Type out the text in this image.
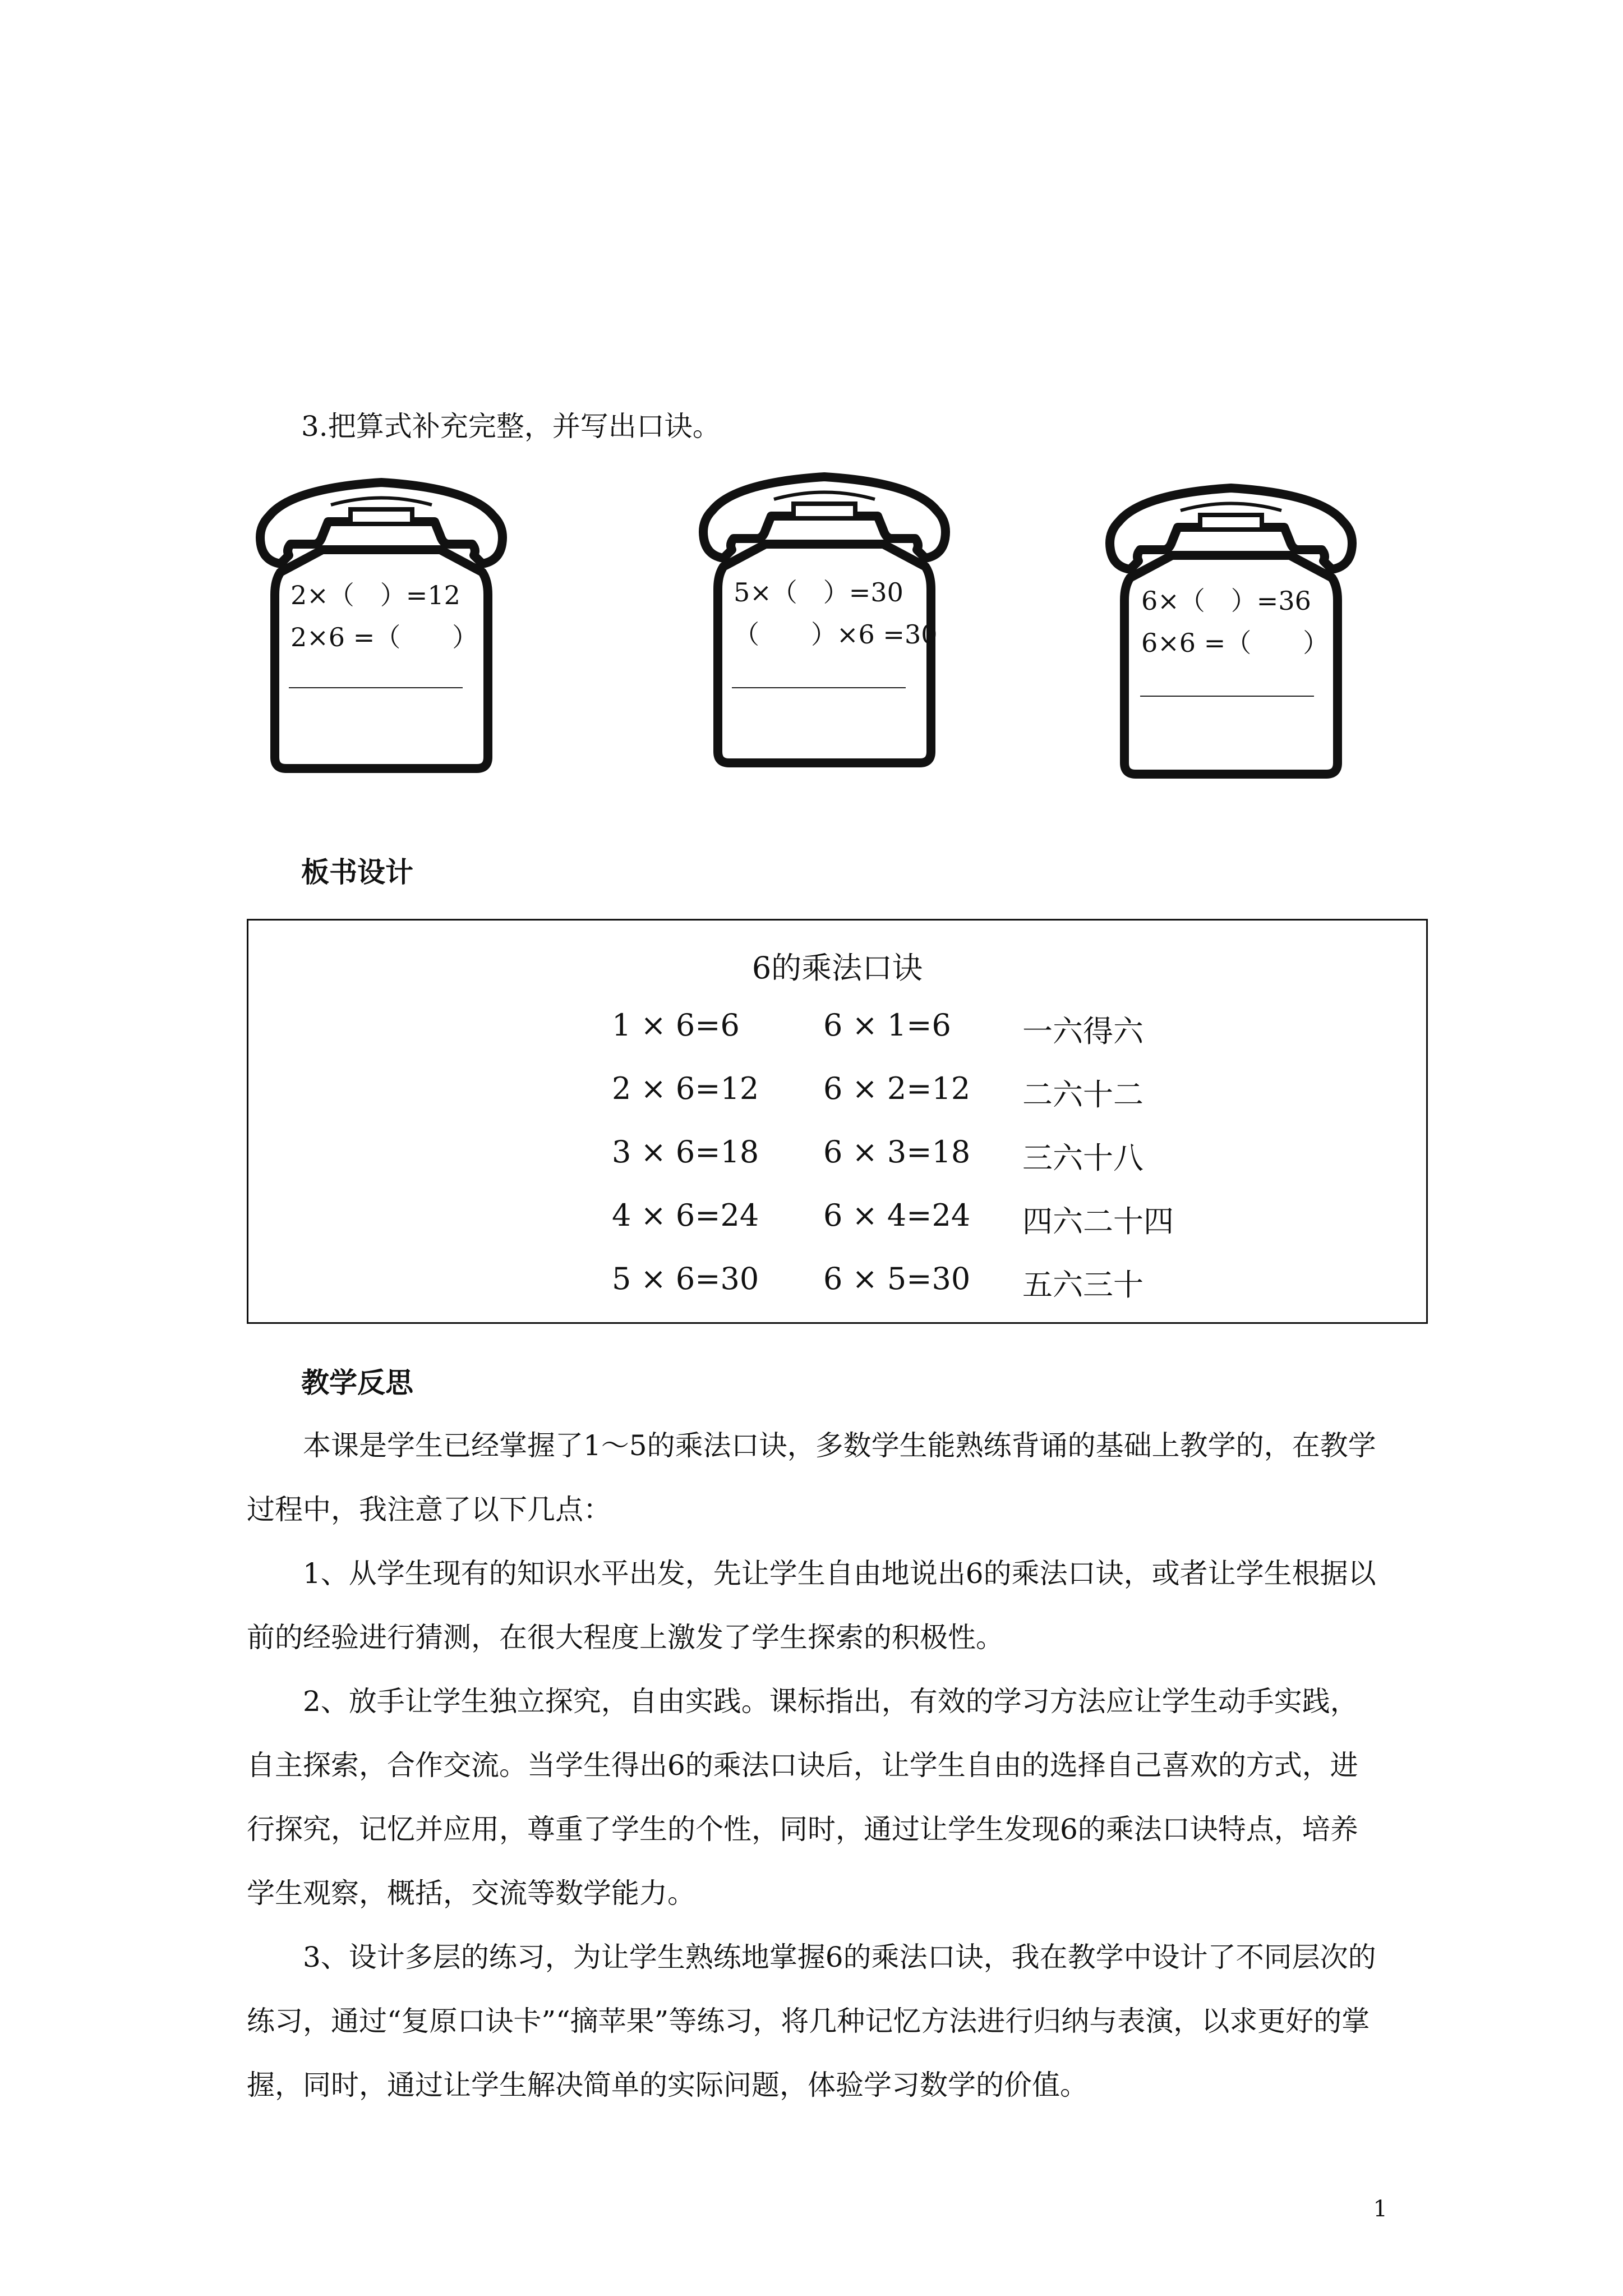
3.把算式补充完整，并写出口诀。
2×（　）=12
2×6 =（　　）
5×（　）=30
（　　）×6 =30
6×（　）=36
6×6 =（　　）
板书设计
6的乘法口诀
1 × 6=6	6 × 1=6 一六得六
2 × 6=12 6 × 2=12 二六十二
3 × 6=18 6 × 3=18 三六十八
4 × 6=24 6 × 4=24 四六二十四
5 × 6=30 6 × 5=30 五六三十
教学反思

本课是学生已经掌握了1～5的乘法口诀，多数学生能熟练背诵的基础上教学的，在教学过程中，我注意了以下几点：

1、从学生现有的知识水平出发，先让学生自由地说出6的乘法口诀，或者让学生根据以前的经验进行猜测，在很大程度上激发了学生探索的积极性。

2、放手让学生独立探究，自由实践。课标指出，有效的学习方法应让学生动手实践，自主探索，合作交流。当学生得出6的乘法口诀后，让学生自由的选择自己喜欢的方式，进行探究，记忆并应用，尊重了学生的个性，同时，通过让学生发现6的乘法口诀特点，培养学生观察，概括，交流等数学能力。

3、设计多层的练习，为让学生熟练地掌握6的乘法口诀，我在教学中设计了不同层次的练习，通过“复原口诀卡”“摘苹果”等练习，将几种记忆方法进行归纳与表演，以求更好的掌握，同时，通过让学生解决简单的实际问题，体验学习数学的价值。

1
